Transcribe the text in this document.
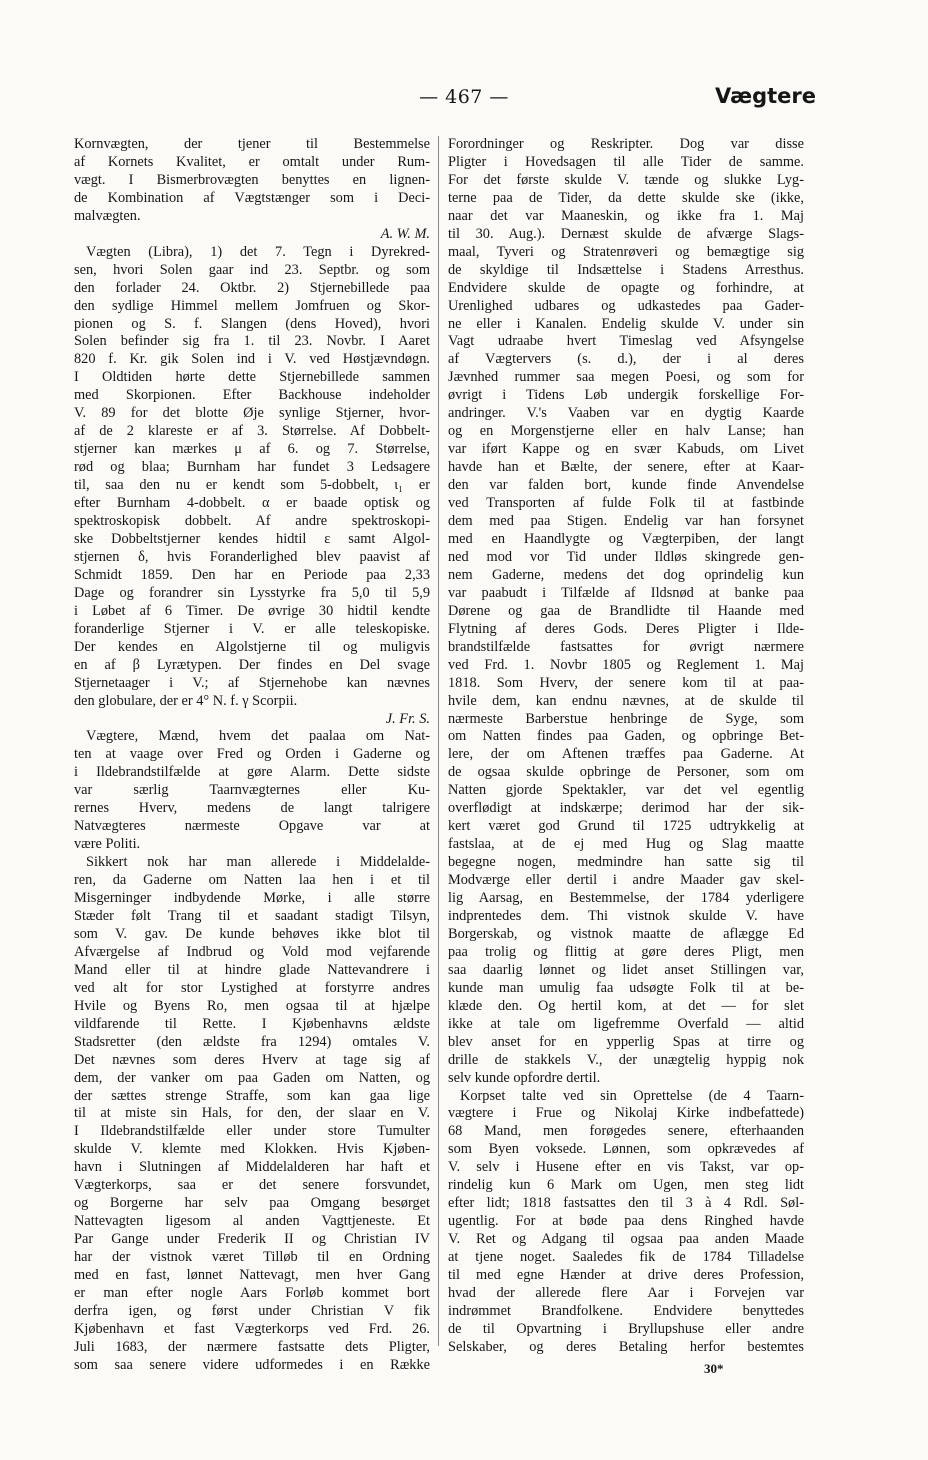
— 467 —	Vægtere
Kornvægten, der tjener til Bestemmelse
af Kornets Kvalitet, er omtalt under Rum-
vægt. I Bismerbrovægten benyttes en lignen-
de Kombination af Vægtstænger som i Deci-
malvægten.
A. W. M.
Vægten (Libra), 1) det 7. Tegn i Dyrekred-
sen, hvori Solen gaar ind 23. Septbr. og som
den forlader 24. Oktbr. 2) Stjernebillede paa
den sydlige Himmel mellem Jomfruen og Skor-
pionen og S. f. Slangen (dens Hoved), hvori
Solen befinder sig fra 1. til 23. Novbr. I Aaret
820 f. Kr. gik Solen ind i V. ved Høstjævndøgn.
I Oldtiden hørte dette Stjernebillede sammen
med Skorpionen. Efter Backhouse indeholder
V. 89 for det blotte Øje synlige Stjerner, hvor-
af de 2 klareste er af 3. Størrelse. Af Dobbelt-
stjerner kan mærkes μ af 6. og 7. Størrelse,
rød og blaa; Burnham har fundet 3 Ledsagere
til, saa den nu er kendt som 5-dobbelt, ι₁ er
efter Burnham 4-dobbelt. α er baade optisk og
spektroskopisk dobbelt. Af andre spektroskopi-
ske Dobbeltstjerner kendes hidtil ε samt Algol-
stjernen δ, hvis Foranderlighed blev paavist af
Schmidt 1859. Den har en Periode paa 2,33
Dage og forandrer sin Lysstyrke fra 5,0 til 5,9
i Løbet af 6 Timer. De øvrige 30 hidtil kendte
foranderlige Stjerner i V. er alle teleskopiske.
Der kendes en Algolstjerne til og muligvis
en af β Lyrætypen. Der findes en Del svage
Stjernetaager i V.; af Stjernehobe kan nævnes
den globulare, der er 4° N. f. γ Scorpii.
J. Fr. S.
Vægtere, Mænd, hvem det paalaa om Nat-
ten at vaage over Fred og Orden i Gaderne og
i Ildebrandstilfælde at gøre Alarm. Dette sidste
var særlig Taarnvægternes eller Ku-
rernes Hverv, medens de langt talrigere
Natvægteres nærmeste Opgave var at
være Politi.
Sikkert nok har man allerede i Middelalde-
ren, da Gaderne om Natten laa hen i et til
Misgerninger indbydende Mørke, i alle større
Stæder følt Trang til et saadant stadigt Tilsyn,
som V. gav. De kunde behøves ikke blot til
Afværgelse af Indbrud og Vold mod vejfarende
Mand eller til at hindre glade Nattevandrere i
ved alt for stor Lystighed at forstyrre andres
Hvile og Byens Ro, men ogsaa til at hjælpe
vildfarende til Rette. I Kjøbenhavns ældste
Stadsretter (den ældste fra 1294) omtales V.
Det nævnes som deres Hverv at tage sig af
dem, der vanker om paa Gaden om Natten, og
der sættes strenge Straffe, som kan gaa lige
til at miste sin Hals, for den, der slaar en V.
I Ildebrandstilfælde eller under store Tumulter
skulde V. klemte med Klokken. Hvis Kjøben-
havn i Slutningen af Middelalderen har haft et
Vægterkorps, saa er det senere forsvundet,
og Borgerne har selv paa Omgang besørget
Nattevagten ligesom al anden Vagttjeneste. Et
Par Gange under Frederik II og Christian IV
har der vistnok været Tilløb til en Ordning
med en fast, lønnet Nattevagt, men hver Gang
er man efter nogle Aars Forløb kommet bort
derfra igen, og først under Christian V fik
Kjøbenhavn et fast Vægterkorps ved Frd. 26.
Juli 1683, der nærmere fastsatte dets Pligter,
som saa senere videre udformedes i en Række
Forordninger og Reskripter. Dog var disse
Pligter i Hovedsagen til alle Tider de samme.
For det første skulde V. tænde og slukke Lyg-
terne paa de Tider, da dette skulde ske (ikke,
naar det var Maaneskin, og ikke fra 1. Maj
til 30. Aug.). Dernæst skulde de afværge Slags-
maal, Tyveri og Stratenrøveri og bemægtige sig
de skyldige til Indsættelse i Stadens Arresthus.
Endvidere skulde de opagte og forhindre, at
Urenlighed udbares og udkastedes paa Gader-
ne eller i Kanalen. Endelig skulde V. under sin
Vagt udraabe hvert Timeslag ved Afsyngelse
af Vægtervers (s. d.), der i al deres
Jævnhed rummer saa megen Poesi, og som for
øvrigt i Tidens Løb undergik forskellige For-
andringer. V.'s Vaaben var en dygtig Kaarde
og en Morgenstjerne eller en halv Lanse; han
var iført Kappe og en svær Kabuds, om Livet
havde han et Bælte, der senere, efter at Kaar-
den var falden bort, kunde finde Anvendelse
ved Transporten af fulde Folk til at fastbinde
dem med paa Stigen. Endelig var han forsynet
med en Haandlygte og Vægterpiben, der langt
ned mod vor Tid under Ildløs skingrede gen-
nem Gaderne, medens det dog oprindelig kun
var paabudt i Tilfælde af Ildsnød at banke paa
Dørene og gaa de Brandlidte til Haande med
Flytning af deres Gods. Deres Pligter i Ilde-
brandstilfælde fastsattes for øvrigt nærmere
ved Frd. 1. Novbr 1805 og Reglement 1. Maj
1818. Som Hverv, der senere kom til at paa-
hvile dem, kan endnu nævnes, at de skulde til
nærmeste Barberstue henbringe de Syge, som
om Natten findes paa Gaden, og opbringe Bet-
lere, der om Aftenen træffes paa Gaderne. At
de ogsaa skulde opbringe de Personer, som om
Natten gjorde Spektakler, var det vel egentlig
overflødigt at indskærpe; derimod har der sik-
kert været god Grund til 1725 udtrykkelig at
fastslaa, at de ej med Hug og Slag maatte
begegne nogen, medmindre han satte sig til
Modværge eller dertil i andre Maader gav skel-
lig Aarsag, en Bestemmelse, der 1784 yderligere
indprentedes dem. Thi vistnok skulde V. have
Borgerskab, og vistnok maatte de aflægge Ed
paa trolig og flittig at gøre deres Pligt, men
saa daarlig lønnet og lidet anset Stillingen var,
kunde man umulig faa udsøgte Folk til at be-
klæde den. Og hertil kom, at det — for slet
ikke at tale om ligefremme Overfald — altid
blev anset for en ypperlig Spas at tirre og
drille de stakkels V., der unægtelig hyppig nok
selv kunde opfordre dertil.
Korpset talte ved sin Oprettelse (de 4 Taarn-
vægtere i Frue og Nikolaj Kirke indbefattede)
68 Mand, men forøgedes senere, efterhaanden
som Byen voksede. Lønnen, som opkrævedes af
V. selv i Husene efter en vis Takst, var op-
rindelig kun 6 Mark om Ugen, men steg lidt
efter lidt; 1818 fastsattes den til 3 à 4 Rdl. Søl-
ugentlig. For at bøde paa dens Ringhed havde
V. Ret og Adgang til ogsaa paa anden Maade
at tjene noget. Saaledes fik de 1784 Tilladelse
til med egne Hænder at drive deres Profession,
hvad der allerede flere Aar i Forvejen var
indrømmet Brandfolkene. Endvidere benyttedes
de til Opvartning i Bryllupshuse eller andre
Selskaber, og deres Betaling herfor bestemtes
30*
